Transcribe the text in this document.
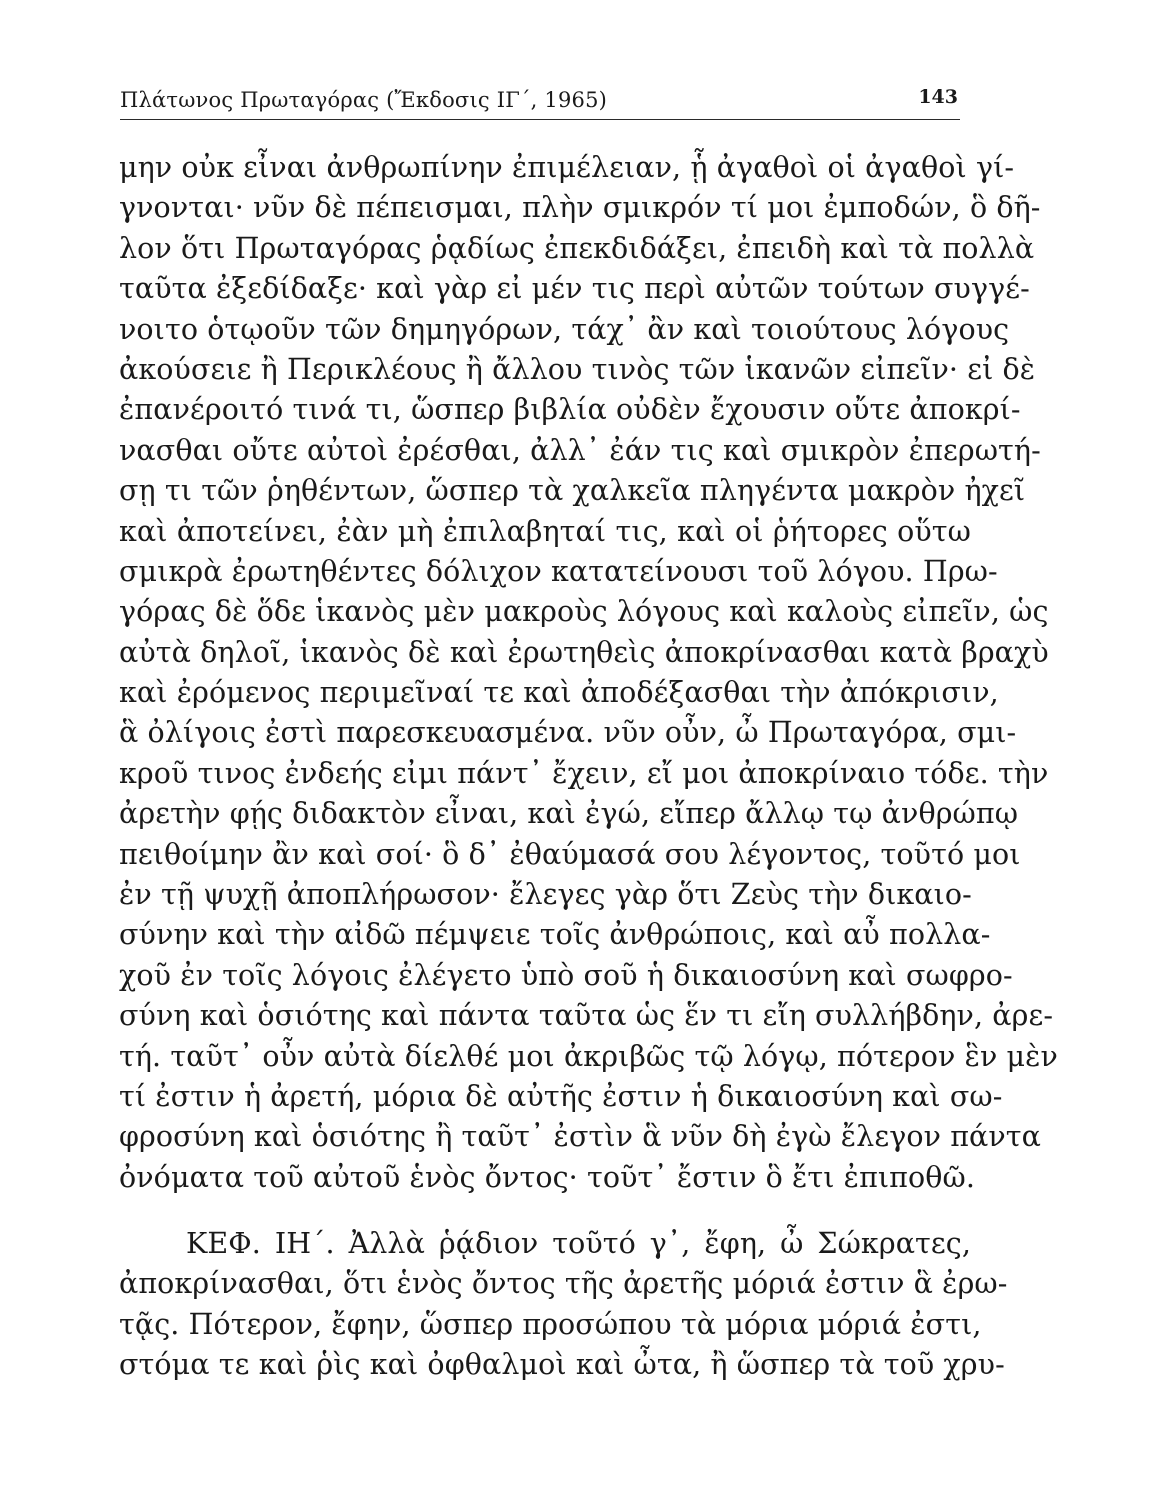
Πλάτωνος Πρωταγόρας (Ἔκδοσις ΙΓ΄, 1965)	143
μην οὐκ εἶναι ἀνθρωπίνην ἐπιμέλειαν, ᾗ ἀγαθοὶ οἱ ἀγαθοὶ γί-
γνονται· νῦν δὲ πέπεισμαι, πλὴν σμικρόν τί μοι ἐμποδών, ὃ δῆ-
λον ὅτι Πρωταγόρας ῥᾳδίως ἐπεκδιδάξει, ἐπειδὴ καὶ τὰ πολλὰ
ταῦτα ἐξεδίδαξε· καὶ γὰρ εἰ μέν τις περὶ αὐτῶν τούτων συγγέ-
νοιτο ὁτῳοῦν τῶν δημηγόρων, τάχ᾽ ἂν καὶ τοιούτους λόγους
ἀκούσειε ἢ Περικλέους ἢ ἄλλου τινὸς τῶν ἱκανῶν εἰπεῖν· εἰ δὲ
ἐπανέροιτό τινά τι, ὥσπερ βιβλία οὐδὲν ἔχουσιν οὔτε ἀποκρί-
νασθαι οὔτε αὐτοὶ ἐρέσθαι, ἀλλ᾽ ἐάν τις καὶ σμικρὸν ἐπερωτή-
σῃ τι τῶν ῥηθέντων, ὥσπερ τὰ χαλκεῖα πληγέντα μακρὸν ἠχεῖ
καὶ ἀποτείνει, ἐὰν μὴ ἐπιλαβηταί τις, καὶ οἱ ῥήτορες οὕτω
σμικρὰ ἐρωτηθέντες δόλιχον κατατείνουσι τοῦ λόγου. Πρω-
γόρας δὲ ὅδε ἱκανὸς μὲν μακροὺς λόγους καὶ καλοὺς εἰπεῖν, ὡς
αὐτὰ δηλοῖ, ἱκανὸς δὲ καὶ ἐρωτηθεὶς ἀποκρίνασθαι κατὰ βραχὺ
καὶ ἐρόμενος περιμεῖναί τε καὶ ἀποδέξασθαι τὴν ἀπόκρισιν,
ἃ ὀλίγοις ἐστὶ παρεσκευασμένα. νῦν οὖν, ὦ Πρωταγόρα, σμι-
κροῦ τινος ἐνδεής εἰμι πάντ᾽ ἔχειν, εἴ μοι ἀποκρίναιο τόδε. τὴν
ἀρετὴν φῄς διδακτὸν εἶναι, καὶ ἐγώ, εἴπερ ἄλλῳ τῳ ἀνθρώπῳ
πειθοίμην ἂν καὶ σοί· ὃ δ᾽ ἐθαύμασά σου λέγοντος, τοῦτό μοι
ἐν τῇ ψυχῇ ἀποπλήρωσον· ἔλεγες γὰρ ὅτι Ζεὺς τὴν δικαιο-
σύνην καὶ τὴν αἰδῶ πέμψειε τοῖς ἀνθρώποις, καὶ αὖ πολλα-
χοῦ ἐν τοῖς λόγοις ἐλέγετο ὑπὸ σοῦ ἡ δικαιοσύνη καὶ σωφρο-
σύνη καὶ ὁσιότης καὶ πάντα ταῦτα ὡς ἕν τι εἴη συλλήβδην, ἀρε-
τή. ταῦτ᾽ οὖν αὐτὰ δίελθέ μοι ἀκριβῶς τῷ λόγῳ, πότερον ἓν μὲν
τί ἐστιν ἡ ἀρετή, μόρια δὲ αὐτῆς ἐστιν ἡ δικαιοσύνη καὶ σω-
φροσύνη καὶ ὁσιότης ἢ ταῦτ᾽ ἐστὶν ἃ νῦν δὴ ἐγὼ ἔλεγον πάντα
ὀνόματα τοῦ αὐτοῦ ἑνὸς ὄντος· τοῦτ᾽ ἔστιν ὃ ἔτι ἐπιποθῶ.
ΚΕΦ. ΙΗ΄. Ἀλλὰ ῥᾴδιον τοῦτό γ᾽, ἔφη, ὦ Σώκρατες,
ἀποκρίνασθαι, ὅτι ἑνὸς ὄντος τῆς ἀρετῆς μόριά ἐστιν ἃ ἐρω-
τᾷς. Πότερον, ἔφην, ὥσπερ προσώπου τὰ μόρια μόριά ἐστι,
στόμα τε καὶ ῥὶς καὶ ὀφθαλμοὶ καὶ ὦτα, ἢ ὥσπερ τὰ τοῦ χρυ-
